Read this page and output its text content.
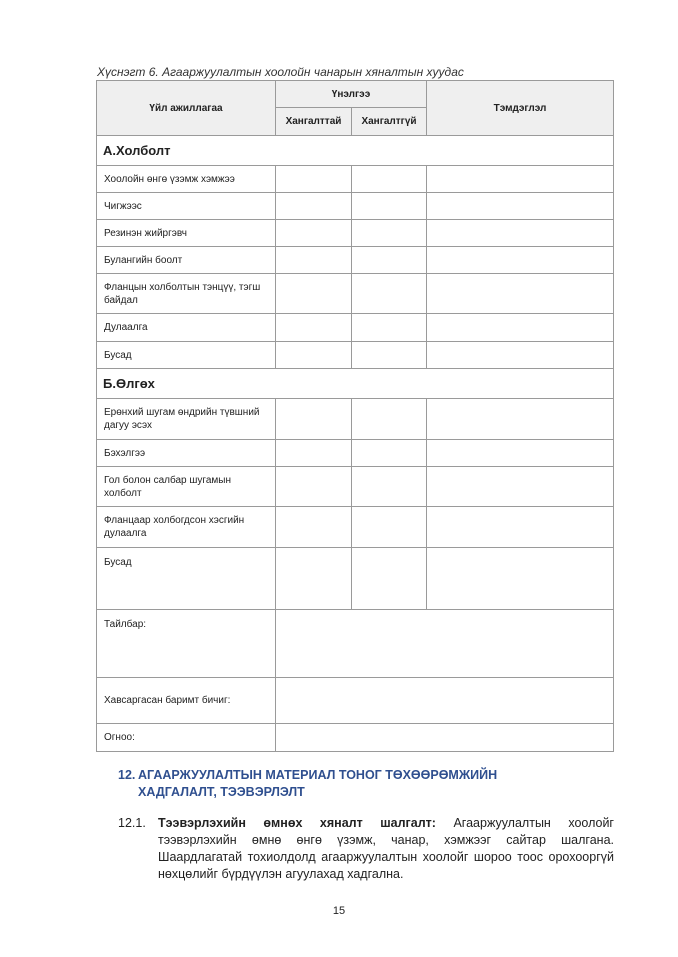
Хүснэгт 6. Агааржуулалтын хоолойн чанарын хяналтын хуудас
Үйл ажиллагаа	Үнэлгээ		Тэмдэглэл
	Хангалттай	Хангалтгүй	
А.Холболт			
Хоолойн өнгө үзэмж хэмжээ			
Чигжээс			
Резинэн жийргэвч			
Булангийн боолт			
Фланцын холболтын тэнцүү, тэгш байдал			
Дулаалга			
Бусад			
Б.Өлгөх			
Ерөнхий шугам өндрийн түвшний дагуу эсэх			
Бэхэлгээ			
Гол болон салбар шугамын холболт			
Фланцаар холбогдсон хэсгийн дулаалга			
Бусад			
Тайлбар:			
Хавсаргасан баримт бичиг:			
Огноо:			
12. АГААРЖУУЛАЛТЫН МАТЕРИАЛ ТОНОГ ТӨХӨӨРӨМЖИЙН
ХАДГАЛАЛТ, ТЭЭВЭРЛЭЛТ
12.1. Тээвэрлэхийн өмнөх хяналт шалгалт: Агааржуулалтын хоолойг тээвэрлэхийн өмнө өнгө үзэмж, чанар, хэмжээг сайтар шалгана. Шаардлагатай тохиолдолд агааржуулалтын хоолойг шороо тоос орохооргүй нөхцөлийг бүрдүүлэн агуулахад хадгална.
15
